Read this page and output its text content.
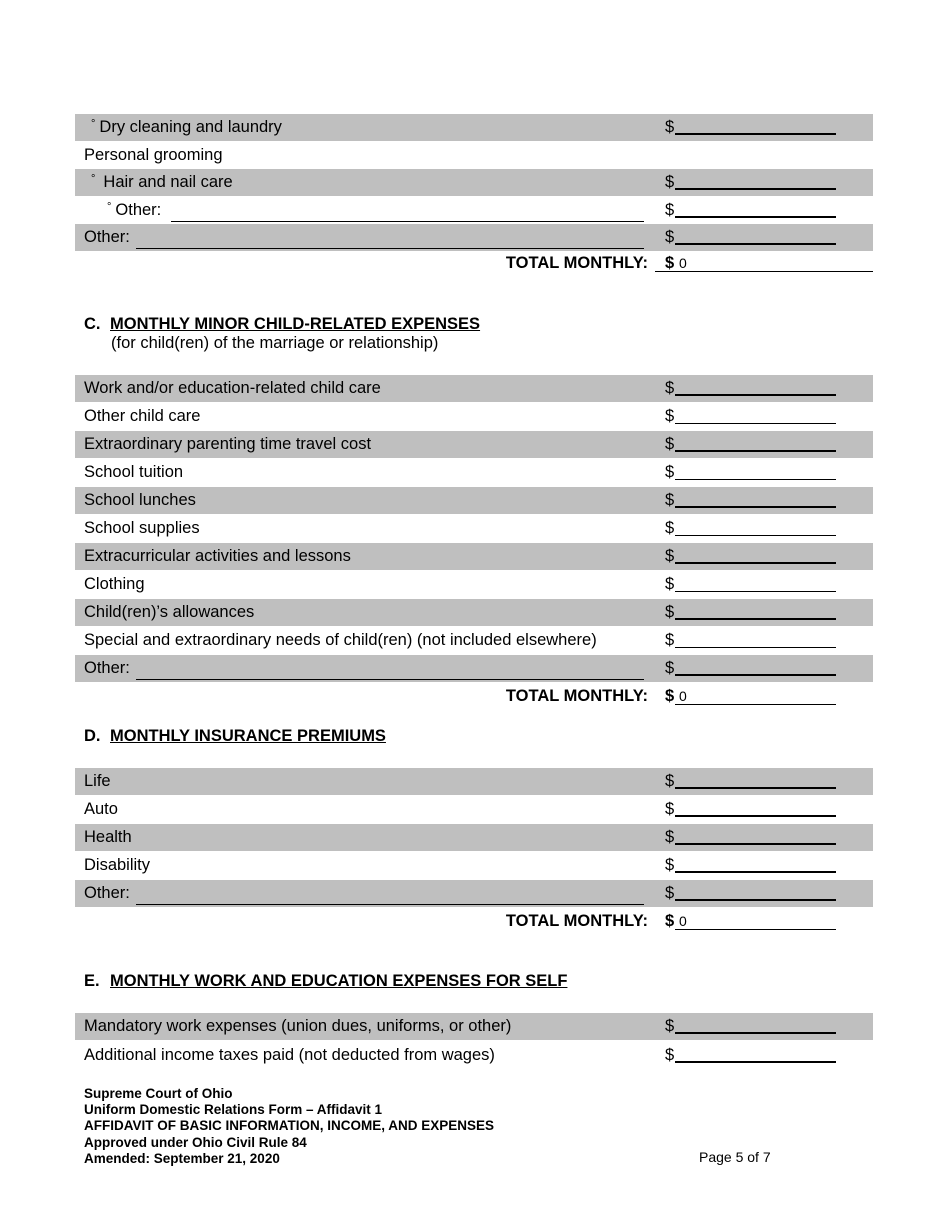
° Dry cleaning and laundry	$
Personal grooming
° Hair and nail care	$
° Other:	$
Other:	$
TOTAL MONTHLY: $ 0
C. MONTHLY MINOR CHILD-RELATED EXPENSES
(for child(ren) of the marriage or relationship)
Work and/or education-related child care	$
Other child care	$
Extraordinary parenting time travel cost	$
School tuition	$
School lunches	$
School supplies	$
Extracurricular activities and lessons	$
Clothing	$
Child(ren)’s allowances	$
Special and extraordinary needs of child(ren) (not included elsewhere)	$
Other:	$
TOTAL MONTHLY: $ 0
D. MONTHLY INSURANCE PREMIUMS
Life	$
Auto	$
Health	$
Disability	$
Other:	$
TOTAL MONTHLY: $ 0
E. MONTHLY WORK AND EDUCATION EXPENSES FOR SELF
Mandatory work expenses (union dues, uniforms, or other)	$
Additional income taxes paid (not deducted from wages)	$
Supreme Court of Ohio
Uniform Domestic Relations Form – Affidavit 1
AFFIDAVIT OF BASIC INFORMATION, INCOME, AND EXPENSES
Approved under Ohio Civil Rule 84
Amended: September 21, 2020	Page 5 of 7
